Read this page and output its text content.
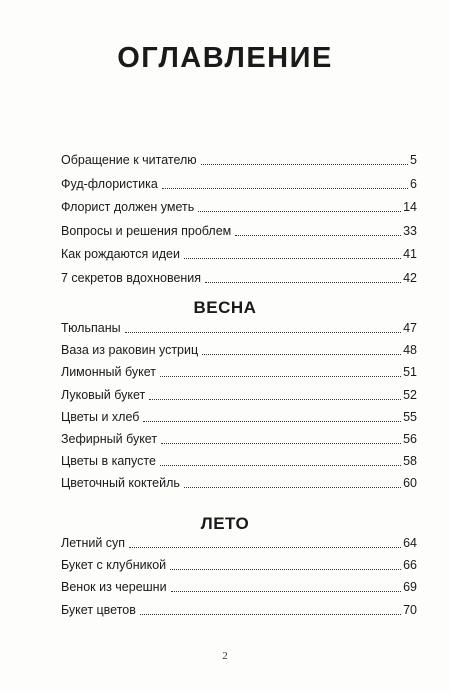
ОГЛАВЛЕНИЕ
Обращение к читателю	5
Фуд-флористика	6
Флорист должен уметь	14
Вопросы и решения проблем	33
Как рождаются идеи	41
7 секретов вдохновения	42
ВЕСНА
Тюльпаны	47
Ваза из раковин устриц	48
Лимонный букет	51
Луковый букет	52
Цветы и хлеб	55
Зефирный букет	56
Цветы в капусте	58
Цветочный коктейль	60
ЛЕТО
Летний суп	64
Букет с клубникой	66
Венок из черешни	69
Букет цветов	70
2
